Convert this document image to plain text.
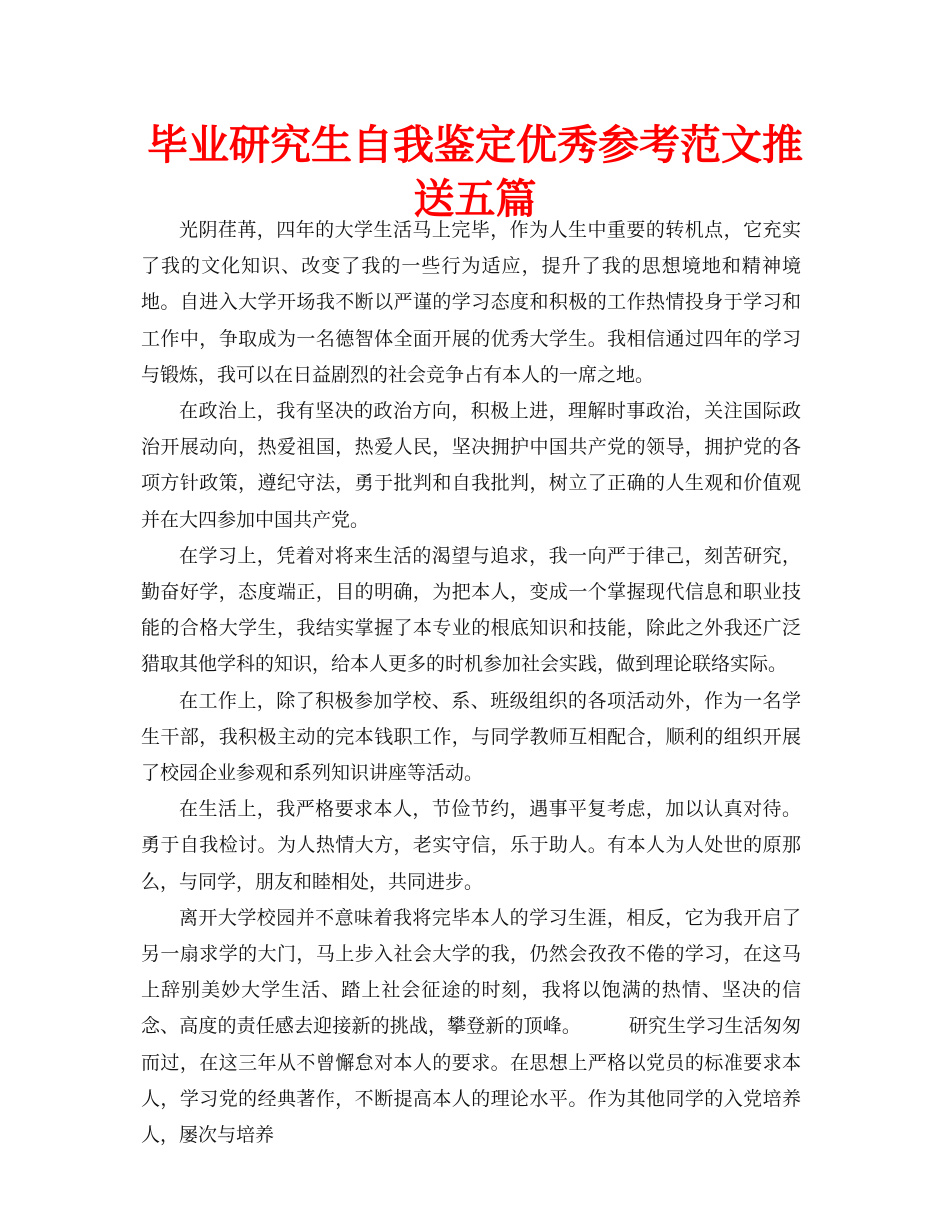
毕业研究生自我鉴定优秀参考范文推送五篇

光阴荏苒，四年的大学生活马上完毕，作为人生中重要的转机点，它充实了我的文化知识、改变了我的一些行为适应，提升了我的思想境地和精神境地。自进入大学开场我不断以严谨的学习态度和积极的工作热情投身于学习和工作中，争取成为一名德智体全面开展的优秀大学生。我相信通过四年的学习与锻炼，我可以在日益剧烈的社会竞争占有本人的一席之地。

在政治上，我有坚决的政治方向，积极上进，理解时事政治，关注国际政治开展动向，热爱祖国，热爱人民，坚决拥护中国共产党的领导，拥护党的各项方针政策，遵纪守法，勇于批判和自我批判，树立了正确的人生观和价值观并在大四参加中国共产党。

在学习上，凭着对将来生活的渴望与追求，我一向严于律己，刻苦研究，勤奋好学，态度端正，目的明确，为把本人，变成一个掌握现代信息和职业技能的合格大学生，我结实掌握了本专业的根底知识和技能，除此之外我还广泛猎取其他学科的知识，给本人更多的时机参加社会实践，做到理论联络实际。

在工作上，除了积极参加学校、系、班级组织的各项活动外，作为一名学生干部，我积极主动的完本钱职工作，与同学教师互相配合，顺利的组织开展了校园企业参观和系列知识讲座等活动。

在生活上，我严格要求本人，节俭节约，遇事平复考虑，加以认真对待。勇于自我检讨。为人热情大方，老实守信，乐于助人。有本人为人处世的原那么，与同学，朋友和睦相处，共同进步。

离开大学校园并不意味着我将完毕本人的学习生涯，相反，它为我开启了另一扇求学的大门，马上步入社会大学的我，仍然会孜孜不倦的学习，在这马上辞别美妙大学生活、踏上社会征途的时刻，我将以饱满的热情、坚决的信念、高度的责任感去迎接新的挑战，攀登新的顶峰。　　　研究生学习生活匆匆而过，在这三年从不曾懈怠对本人的要求。在思想上严格以党员的标准要求本人，学习党的经典著作，不断提高本人的理论水平。作为其他同学的入党培养人，屡次与培养
